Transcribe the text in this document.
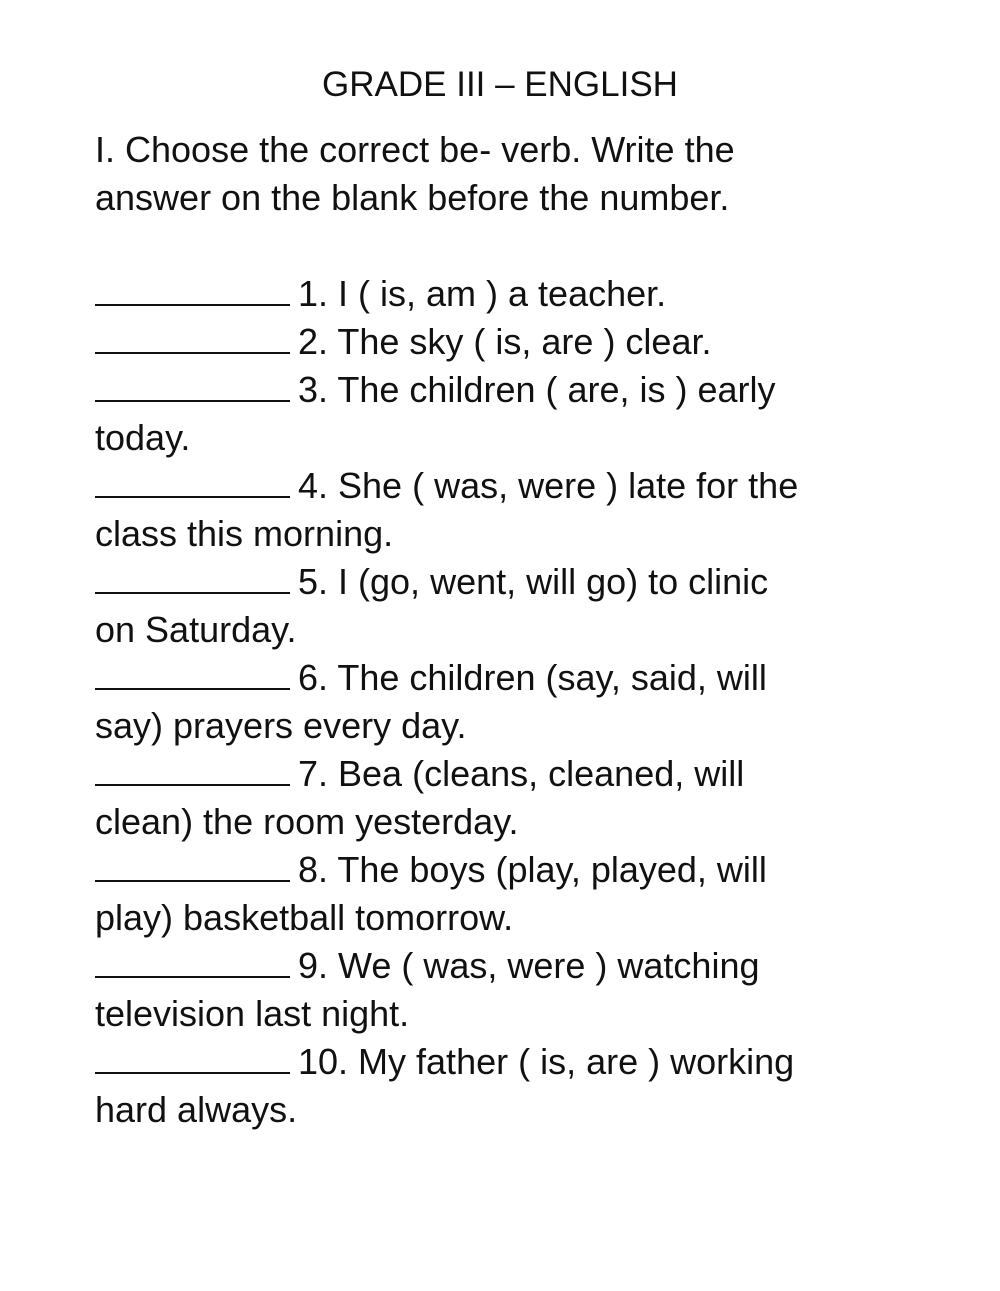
GRADE III – ENGLISH
I. Choose the correct be- verb. Write the
answer on the blank before the number.
1. I ( is, am ) a teacher.
2. The sky ( is, are ) clear.
3. The children ( are, is ) early
today.
4. She ( was, were ) late for the
class this morning.
5. I (go, went, will go) to clinic
on Saturday.
6. The children (say, said, will
say) prayers every day.
7. Bea (cleans, cleaned, will
clean) the room yesterday.
8. The boys (play, played, will
play) basketball tomorrow.
9. We ( was, were ) watching
television last night.
10. My father ( is, are ) working
hard always.
